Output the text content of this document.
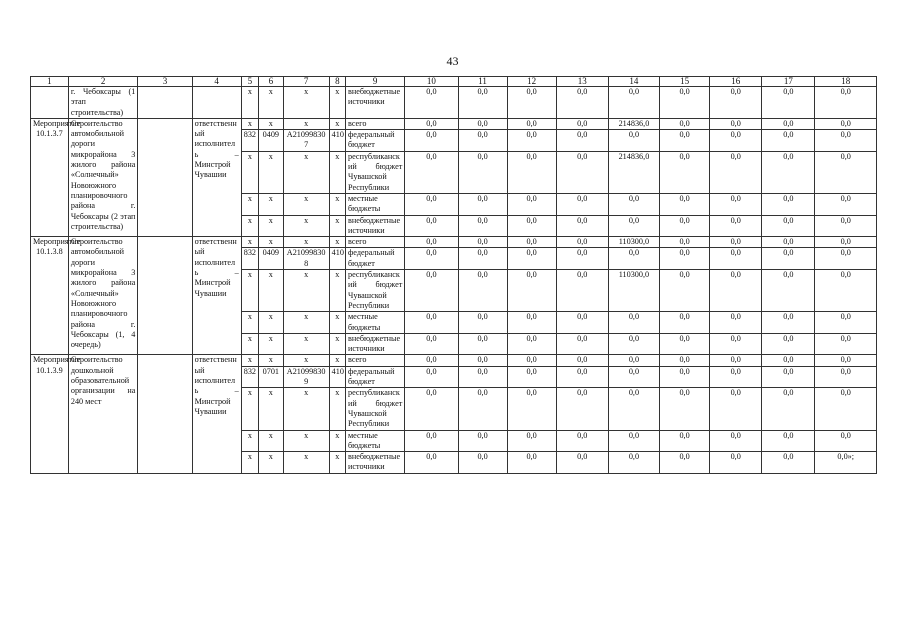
43
1	2	3	4	5	6	7	8	9	10	11	12	13	14	15	16	17	18
	г. Чебоксары (1 этап строительства)			x	x	x	x	внебюджетные источники	0,0	0,0	0,0	0,0	0,0	0,0	0,0	0,0	0,0
Мероприятие 10.1.3.7	Строительство автомобильной дороги микрорайона 3 жилого района «Солнечный» Новоюжного планировочного района г. Чебоксары (2 этап строительства)		ответственный исполнитель – Минстрой Чувашии	x	x	x	x	всего	0,0	0,0	0,0	0,0	214836,0	0,0	0,0	0,0	0,0
				832	0409	А210998307	410	федеральный бюджет	0,0	0,0	0,0	0,0	0,0	0,0	0,0	0,0	0,0
				x	x	x	x	республиканский бюджет Чувашской Республики	0,0	0,0	0,0	0,0	214836,0	0,0	0,0	0,0	0,0
				x	x	x	x	местные бюджеты	0,0	0,0	0,0	0,0	0,0	0,0	0,0	0,0	0,0
				x	x	x	x	внебюджетные источники	0,0	0,0	0,0	0,0	0,0	0,0	0,0	0,0	0,0
Мероприятие 10.1.3.8	Строительство автомобильной дороги микрорайона 3 жилого района «Солнечный» Новоюжного планировочного района г. Чебоксары (1, 4 очередь)		ответственный исполнитель – Минстрой Чувашии	x	x	x	x	всего	0,0	0,0	0,0	0,0	110300,0	0,0	0,0	0,0	0,0
				832	0409	А210998308	410	федеральный бюджет	0,0	0,0	0,0	0,0	0,0	0,0	0,0	0,0	0,0
				x	x	x	x	республиканский бюджет Чувашской Республики	0,0	0,0	0,0	0,0	110300,0	0,0	0,0	0,0	0,0
				x	x	x	x	местные бюджеты	0,0	0,0	0,0	0,0	0,0	0,0	0,0	0,0	0,0
				x	x	x	x	внебюджетные источники	0,0	0,0	0,0	0,0	0,0	0,0	0,0	0,0	0,0
Мероприятие 10.1.3.9	Строительство дошкольной образовательной организации на 240 мест		ответственный исполнитель – Минстрой Чувашии	x	x	x	x	всего	0,0	0,0	0,0	0,0	0,0	0,0	0,0	0,0	0,0
				832	0701	А210998309	410	федеральный бюджет	0,0	0,0	0,0	0,0	0,0	0,0	0,0	0,0	0,0
				x	x	x	x	республиканский бюджет Чувашской Республики	0,0	0,0	0,0	0,0	0,0	0,0	0,0	0,0	0,0
				x	x	x	x	местные бюджеты	0,0	0,0	0,0	0,0	0,0	0,0	0,0	0,0	0,0
				x	x	x	x	внебюджетные источники	0,0	0,0	0,0	0,0	0,0	0,0	0,0	0,0	0,0»;
